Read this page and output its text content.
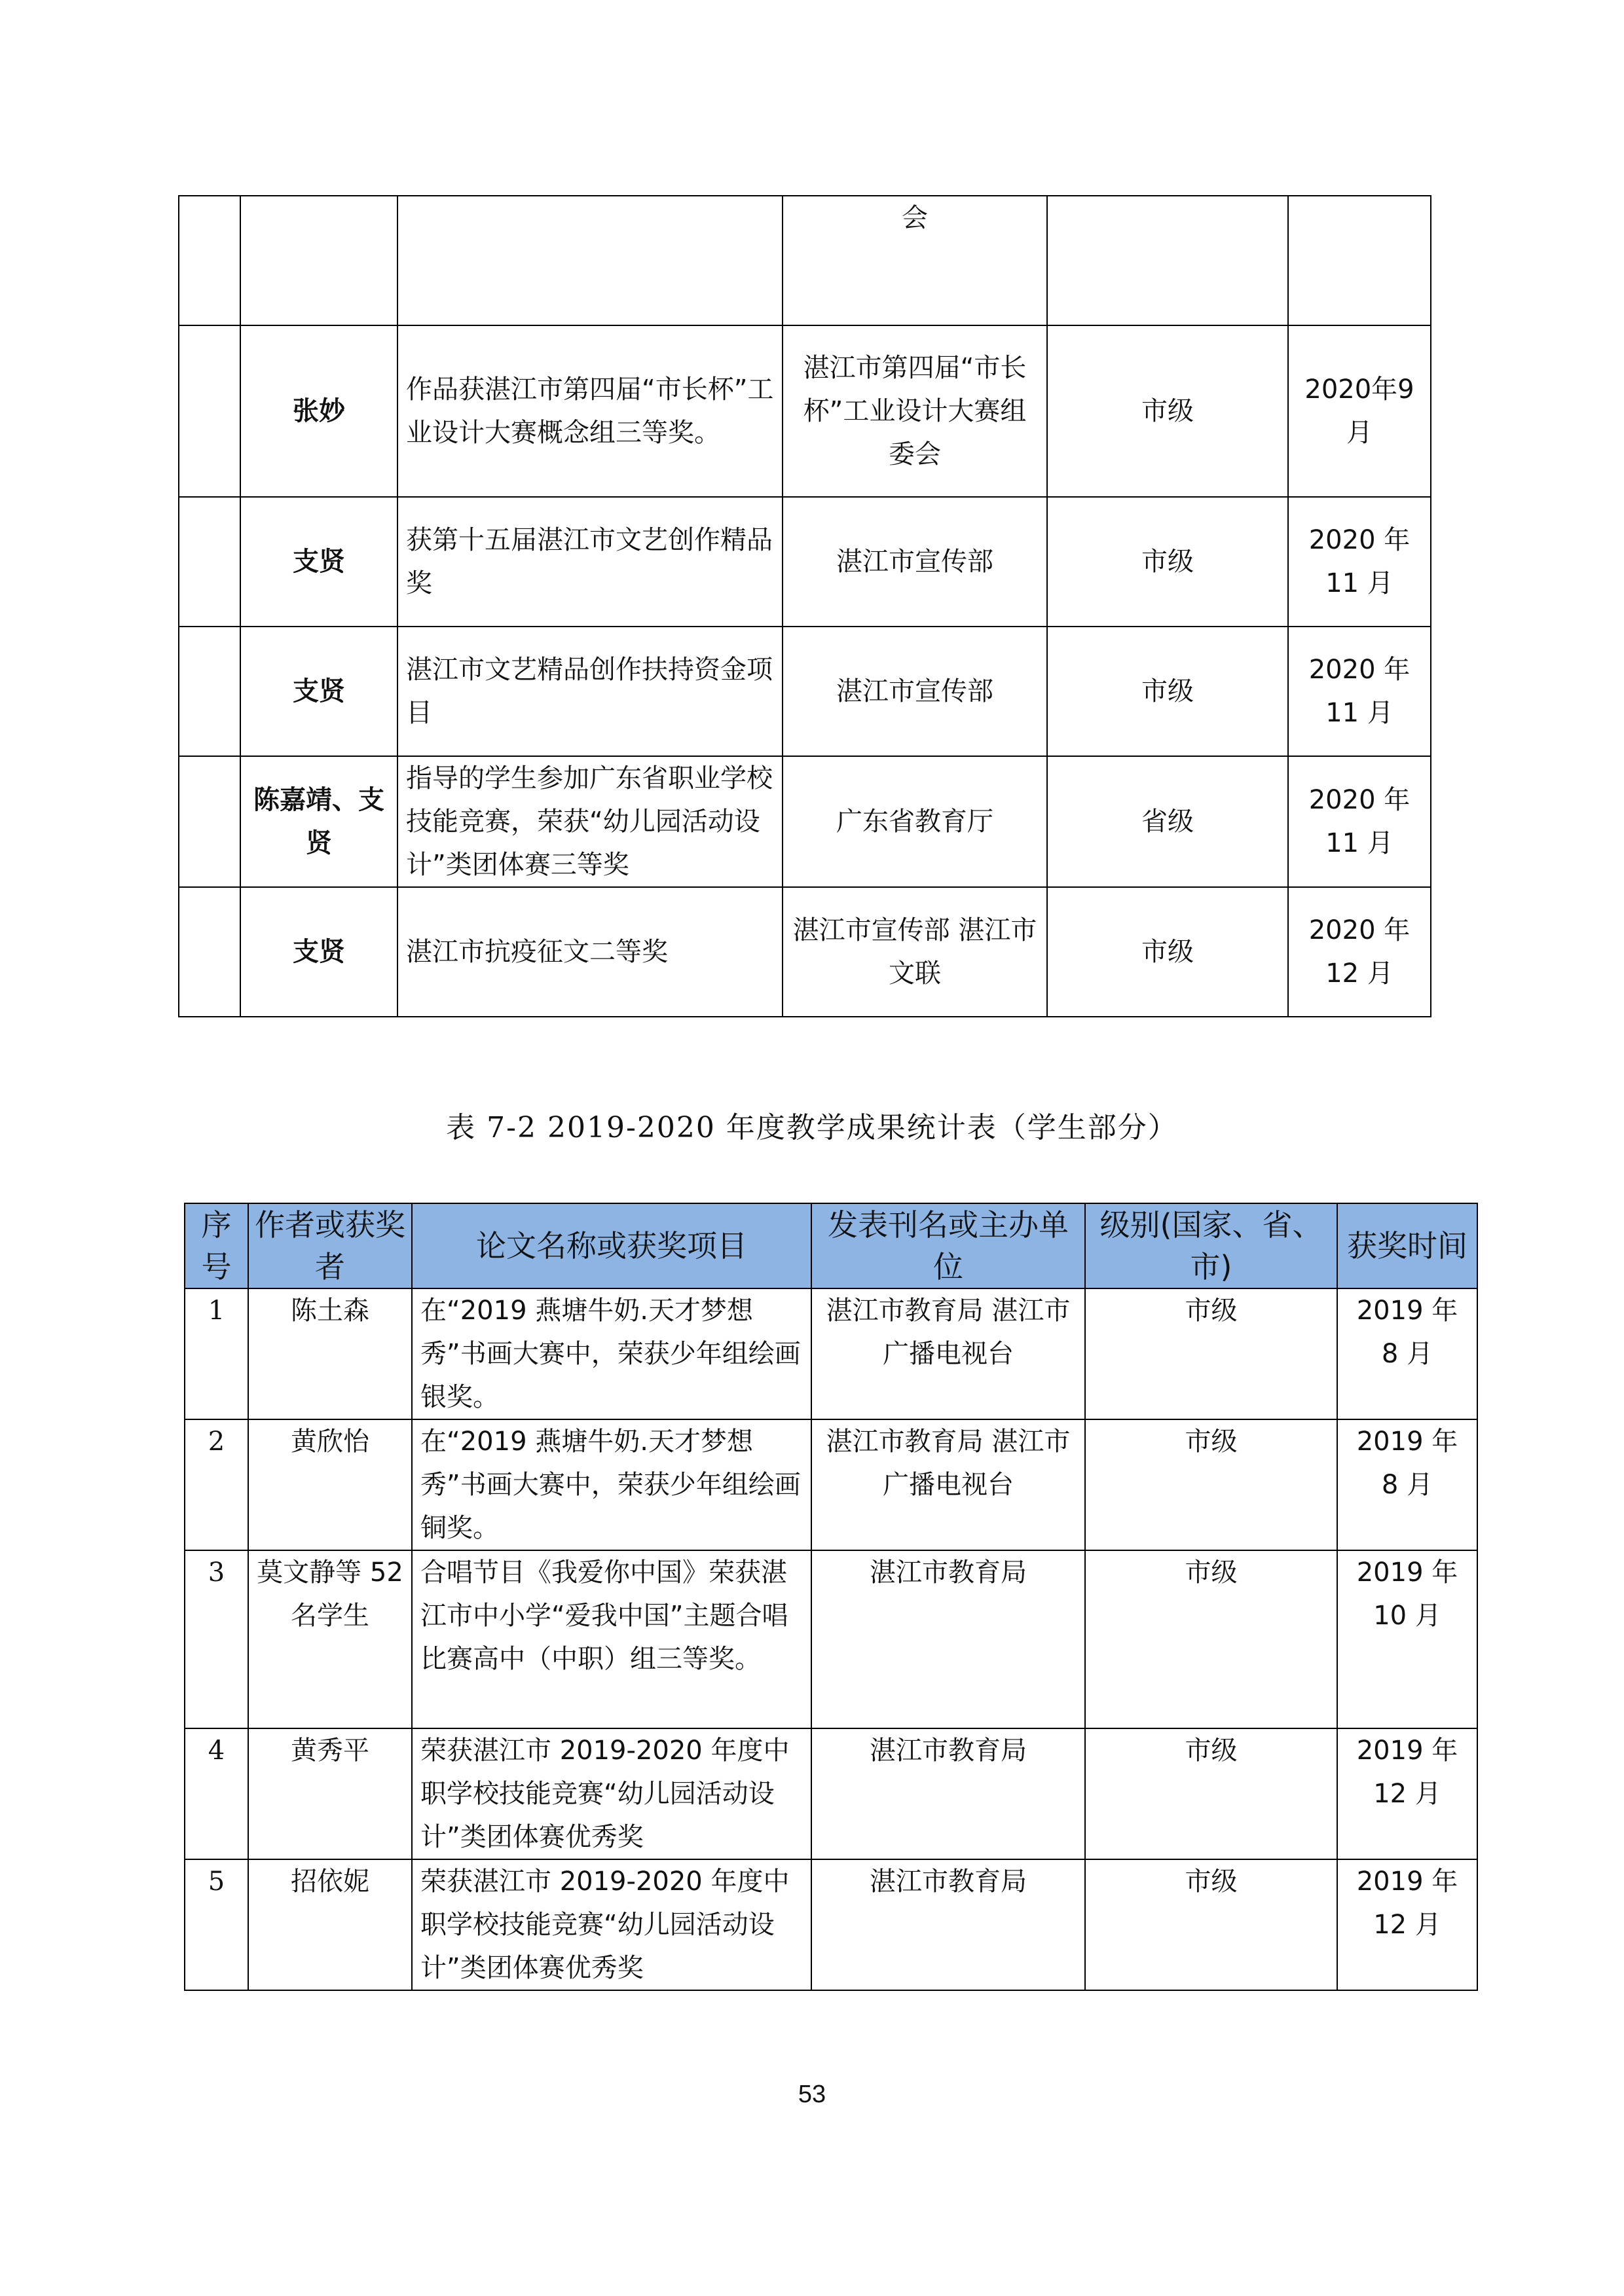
			会		
	张妙	作品获湛江市第四届“市长杯”工业设计大赛概念组三等奖。	湛江市第四届“市长杯”工业设计大赛组委会	市级	2020年9月
	支贤	获第十五届湛江市文艺创作精品奖	湛江市宣传部	市级	2020 年 11 月
	支贤	湛江市文艺精品创作扶持资金项目	湛江市宣传部	市级	2020 年 11 月
	陈嘉靖、支贤	指导的学生参加广东省职业学校技能竞赛，荣获“幼儿园活动设计”类团体赛三等奖	广东省教育厅	省级	2020 年 11 月
	支贤	湛江市抗疫征文二等奖	湛江市宣传部 湛江市文联	市级	2020 年 12 月
表 7-2 2019-2020 年度教学成果统计表（学生部分）
序号	作者或获奖者	论文名称或获奖项目	发表刊名或主办单位	级别(国家、省、市)	获奖时间
1	陈土森	在“2019 燕塘牛奶.天才梦想秀”书画大赛中，荣获少年组绘画银奖。	湛江市教育局 湛江市广播电视台	市级	2019 年 8 月
2	黄欣怡	在“2019 燕塘牛奶.天才梦想秀”书画大赛中，荣获少年组绘画铜奖。	湛江市教育局 湛江市广播电视台	市级	2019 年 8 月
3	莫文静等 52 名学生	合唱节目《我爱你中国》荣获湛江市中小学“爱我中国”主题合唱比赛高中（中职）组三等奖。	湛江市教育局	市级	2019 年 10 月
4	黄秀平	荣获湛江市 2019-2020 年度中职学校技能竞赛“幼儿园活动设计”类团体赛优秀奖	湛江市教育局	市级	2019 年 12 月
5	招依妮	荣获湛江市 2019-2020 年度中职学校技能竞赛“幼儿园活动设计”类团体赛优秀奖	湛江市教育局	市级	2019 年 12 月
53
